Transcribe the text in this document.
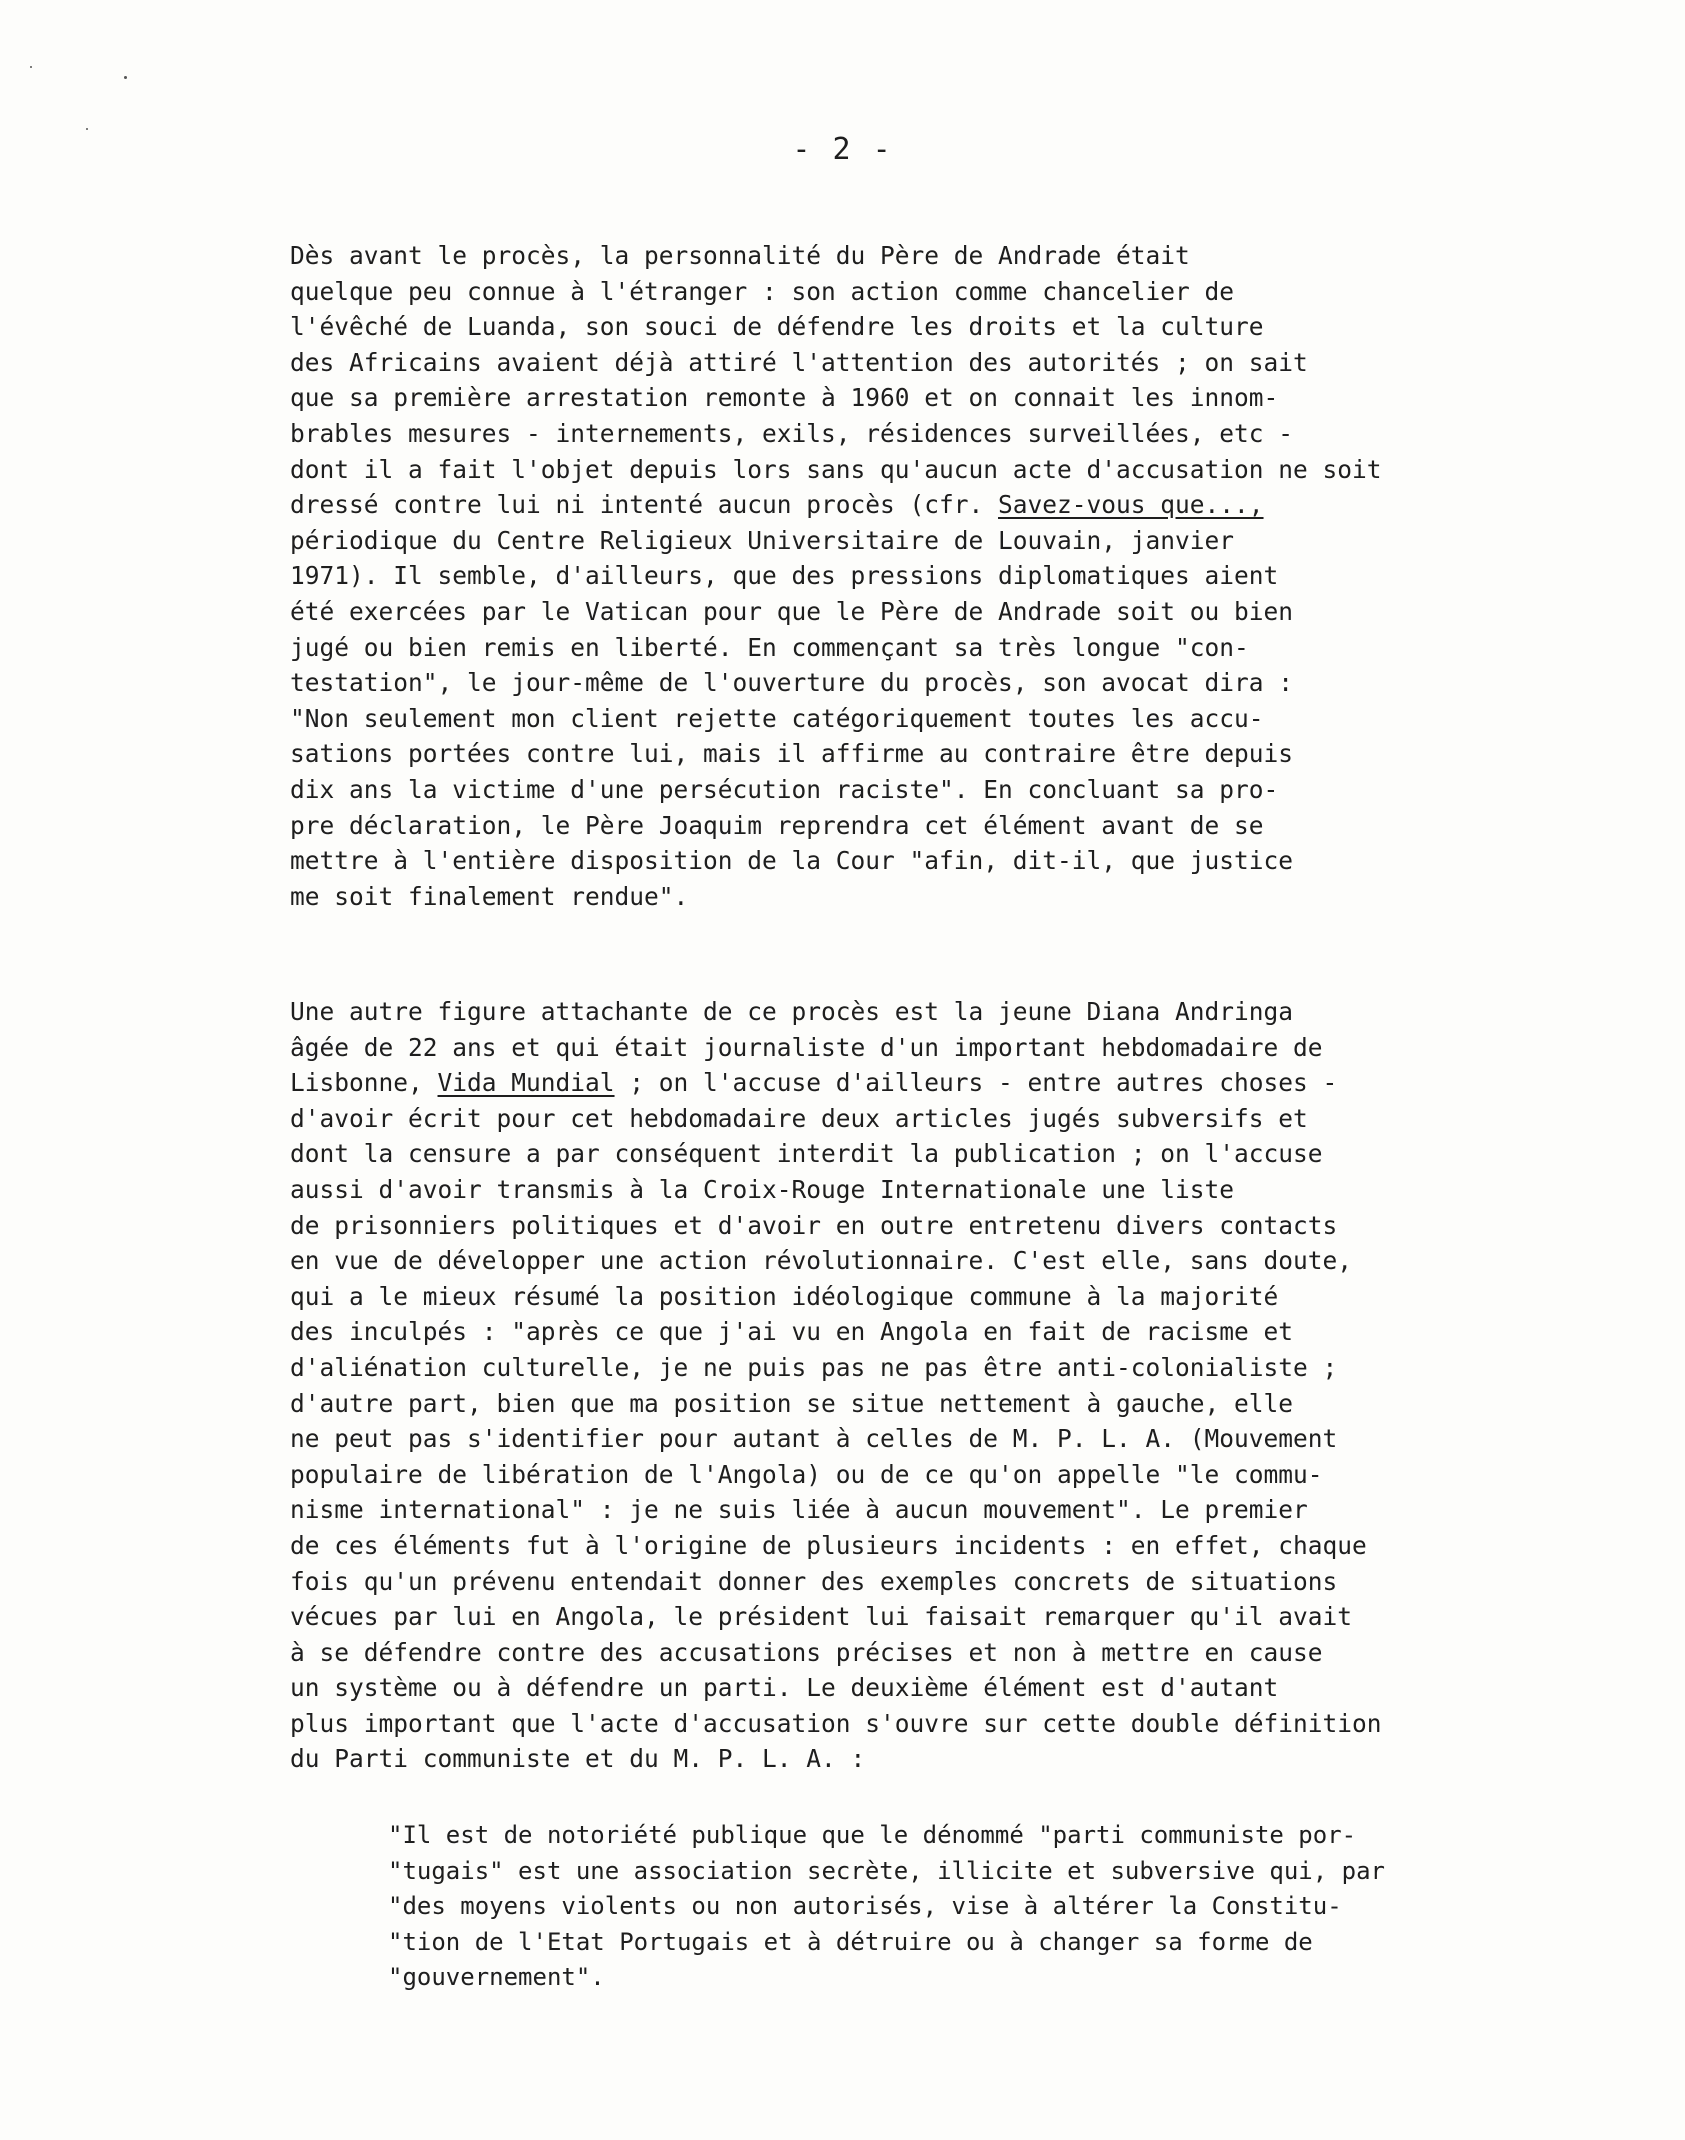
- 2 -
Dès avant le procès, la personnalité du Père de Andrade était
quelque peu connue à l'étranger : son action comme chancelier de
l'évêché de Luanda, son souci de défendre les droits et la culture
des Africains avaient déjà attiré l'attention des autorités ; on sait
que sa première arrestation remonte à 1960 et on connait les innom-
brables mesures - internements, exils, résidences surveillées, etc -
dont il a fait l'objet depuis lors sans qu'aucun acte d'accusation ne soit
dressé contre lui ni intenté aucun procès (cfr. Savez-vous que...,
périodique du Centre Religieux Universitaire de Louvain, janvier
1971). Il semble, d'ailleurs, que des pressions diplomatiques aient
été exercées par le Vatican pour que le Père de Andrade soit ou bien
jugé ou bien remis en liberté. En commençant sa très longue "con-
testation", le jour-même de l'ouverture du procès, son avocat dira :
"Non seulement mon client rejette catégoriquement toutes les accu-
sations portées contre lui, mais il affirme au contraire être depuis
dix ans la victime d'une persécution raciste". En concluant sa pro-
pre déclaration, le Père Joaquim reprendra cet élément avant de se
mettre à l'entière disposition de la Cour "afin, dit-il, que justice
me soit finalement rendue".
Une autre figure attachante de ce procès est la jeune Diana Andringa
âgée de 22 ans et qui était journaliste d'un important hebdomadaire de
Lisbonne, Vida Mundial ; on l'accuse d'ailleurs - entre autres choses -
d'avoir écrit pour cet hebdomadaire deux articles jugés subversifs et
dont la censure a par conséquent interdit la publication ; on l'accuse
aussi d'avoir transmis à la Croix-Rouge Internationale une liste
de prisonniers politiques et d'avoir en outre entretenu divers contacts
en vue de développer une action révolutionnaire. C'est elle, sans doute,
qui a le mieux résumé la position idéologique commune à la majorité
des inculpés : "après ce que j'ai vu en Angola en fait de racisme et
d'aliénation culturelle, je ne puis pas ne pas être anti-colonialiste ;
d'autre part, bien que ma position se situe nettement à gauche, elle
ne peut pas s'identifier pour autant à celles de M. P. L. A. (Mouvement
populaire de libération de l'Angola) ou de ce qu'on appelle "le commu-
nisme international" : je ne suis liée à aucun mouvement". Le premier
de ces éléments fut à l'origine de plusieurs incidents : en effet, chaque
fois qu'un prévenu entendait donner des exemples concrets de situations
vécues par lui en Angola, le président lui faisait remarquer qu'il avait
à se défendre contre des accusations précises et non à mettre en cause
un système ou à défendre un parti. Le deuxième élément est d'autant
plus important que l'acte d'accusation s'ouvre sur cette double définition
du Parti communiste et du M. P. L. A. :
"Il est de notoriété publique que le dénommé "parti communiste por-
"tugais" est une association secrète, illicite et subversive qui, par
"des moyens violents ou non autorisés, vise à altérer la Constitu-
"tion de l'Etat Portugais et à détruire ou à changer sa forme de
"gouvernement".
